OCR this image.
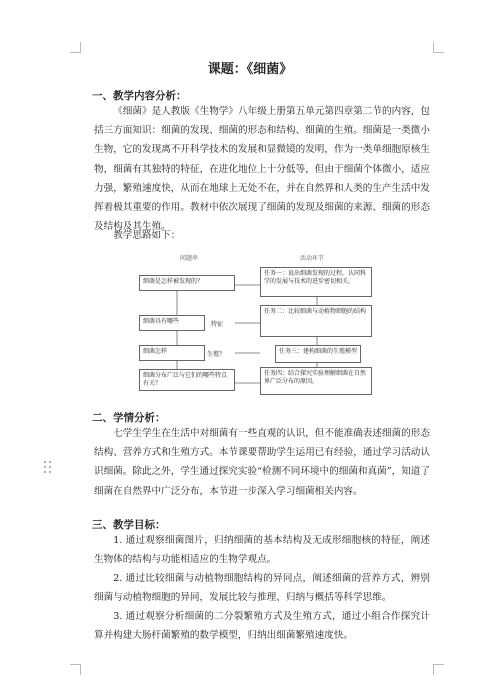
课题：《细菌》
一、教学内容分析：
《细菌》是人教版《生物学》八年级上册第五单元第四章第二节的内容，包括三方面知识：细菌的发现、细菌的形态和结构、细菌的生殖。细菌是一类微小生物，它的发现离不开科学技术的发展和显微镜的发明，作为一类单细胞原核生物，细菌有其独特的特征，在进化地位上十分低等，但由于细菌个体微小，适应力强，繁殖速度快，从而在地球上无处不在，并在自然界和人类的生产生活中发挥着极其重要的作用。教材中依次展现了细菌的发现及细菌的来源、细菌的形态及结构及其生殖。
教学思路如下：
问题串	活动环节
细菌是怎样被发现的？
细菌具有哪些
细菌怎样
细菌分布广泛与它们的哪些特点有关？
特征
生殖？
任务一：说出细菌发现的过程，认同科学的发展与技术的进步密切相关。
任务二：比较细菌与动植物细胞的结构
任务三：建构细菌的生殖模型
任务四：结合探究实验理解细菌在自然界广泛分布的原因。
二、学情分析：
七学生学生在生活中对细菌有一些直观的认识，但不能准确表述细菌的形态结构、营养方式和生殖方式。本节课要帮助学生运用已有经验，通过学习活动认识细菌。除此之外，学生通过探究实验“检测不同环境中的细菌和真菌”，知道了细菌在自然界中广泛分布，本节进一步深入学习细菌相关内容。
三、教学目标：
1. 通过观察细菌图片，归纳细菌的基本结构及无成形细胞核的特征，阐述生物体的结构与功能相适应的生物学观点。
2. 通过比较细菌与动植物细胞结构的异同点，阐述细菌的营养方式，辨别细菌与动植物细胞的异同，发展比较与推理、归纳与概括等科学思维。
3. 通过观察分析细菌的二分裂繁殖方式及生殖方式，通过小组合作探究计算并构建大肠杆菌繁殖的数学模型，归纳出细菌繁殖速度快。
